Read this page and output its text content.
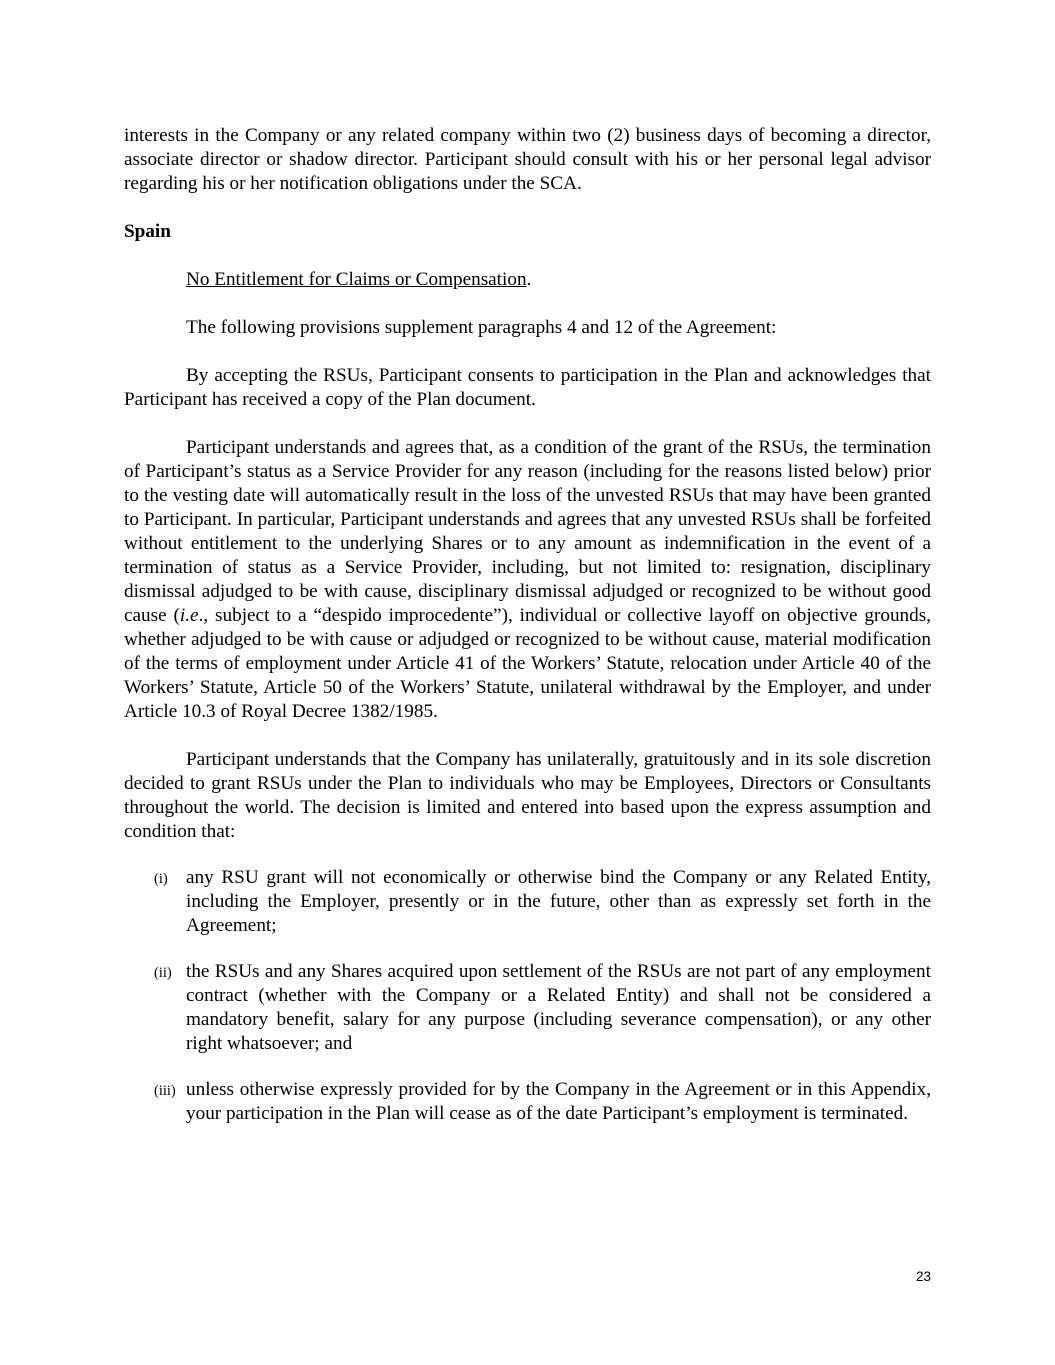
interests in the Company or any related company within two (2) business days of becoming a director, associate director or shadow director. Participant should consult with his or her personal legal advisor regarding his or her notification obligations under the SCA.

Spain

No Entitlement for Claims or Compensation.

The following provisions supplement paragraphs 4 and 12 of the Agreement:

By accepting the RSUs, Participant consents to participation in the Plan and acknowledges that Participant has received a copy of the Plan document.

Participant understands and agrees that, as a condition of the grant of the RSUs, the termination of Participant’s status as a Service Provider for any reason (including for the reasons listed below) prior to the vesting date will automatically result in the loss of the unvested RSUs that may have been granted to Participant. In particular, Participant understands and agrees that any unvested RSUs shall be forfeited without entitlement to the underlying Shares or to any amount as indemnification in the event of a termination of status as a Service Provider, including, but not limited to: resignation, disciplinary dismissal adjudged to be with cause, disciplinary dismissal adjudged or recognized to be without good cause (i.e., subject to a “despido improcedente”), individual or collective layoff on objective grounds, whether adjudged to be with cause or adjudged or recognized to be without cause, material modification of the terms of employment under Article 41 of the Workers’ Statute, relocation under Article 40 of the Workers’ Statute, Article 50 of the Workers’ Statute, unilateral withdrawal by the Employer, and under Article 10.3 of Royal Decree 1382/1985.

Participant understands that the Company has unilaterally, gratuitously and in its sole discretion decided to grant RSUs under the Plan to individuals who may be Employees, Directors or Consultants throughout the world. The decision is limited and entered into based upon the express assumption and condition that:

(i) any RSU grant will not economically or otherwise bind the Company or any Related Entity, including the Employer, presently or in the future, other than as expressly set forth in the Agreement;

(ii) the RSUs and any Shares acquired upon settlement of the RSUs are not part of any employment contract (whether with the Company or a Related Entity) and shall not be considered a mandatory benefit, salary for any purpose (including severance compensation), or any other right whatsoever; and

(iii) unless otherwise expressly provided for by the Company in the Agreement or in this Appendix, your participation in the Plan will cease as of the date Participant’s employment is terminated.

23
